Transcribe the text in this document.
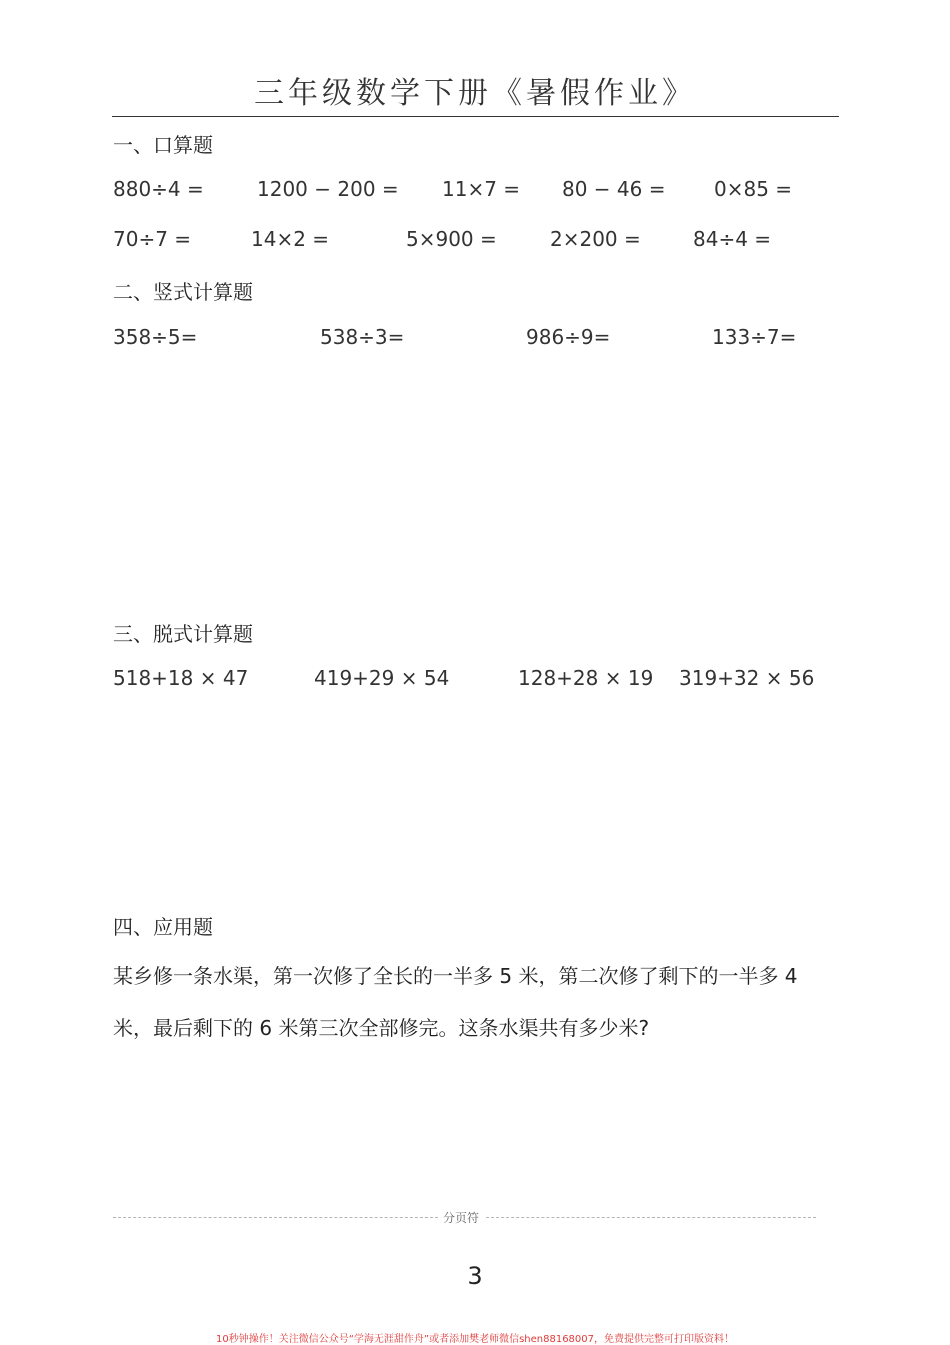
三年级数学下册《暑假作业》
一、口算题
880÷4 =	1200 − 200 = 11×7 = 80 − 46 = 0×85 =
70÷7 =	14×2 =	5×900 =	2×200 =	84÷4 =
二、竖式计算题
358÷5=	538÷3=	986÷9=	133÷7=
三、脱式计算题
518+18 × 47	419+29 × 54	128+28 × 19 319+32 × 56
四、应用题
某乡修一条水渠，第一次修了全长的一半多 5 米，第二次修了剩下的一半多 4
米，最后剩下的 6 米第三次全部修完。这条水渠共有多少米?
分页符
3
10秒钟操作！关注微信公众号“学海无涯甜作舟”或者添加樊老师微信shen88168007，免费提供完整可打印版资料！
